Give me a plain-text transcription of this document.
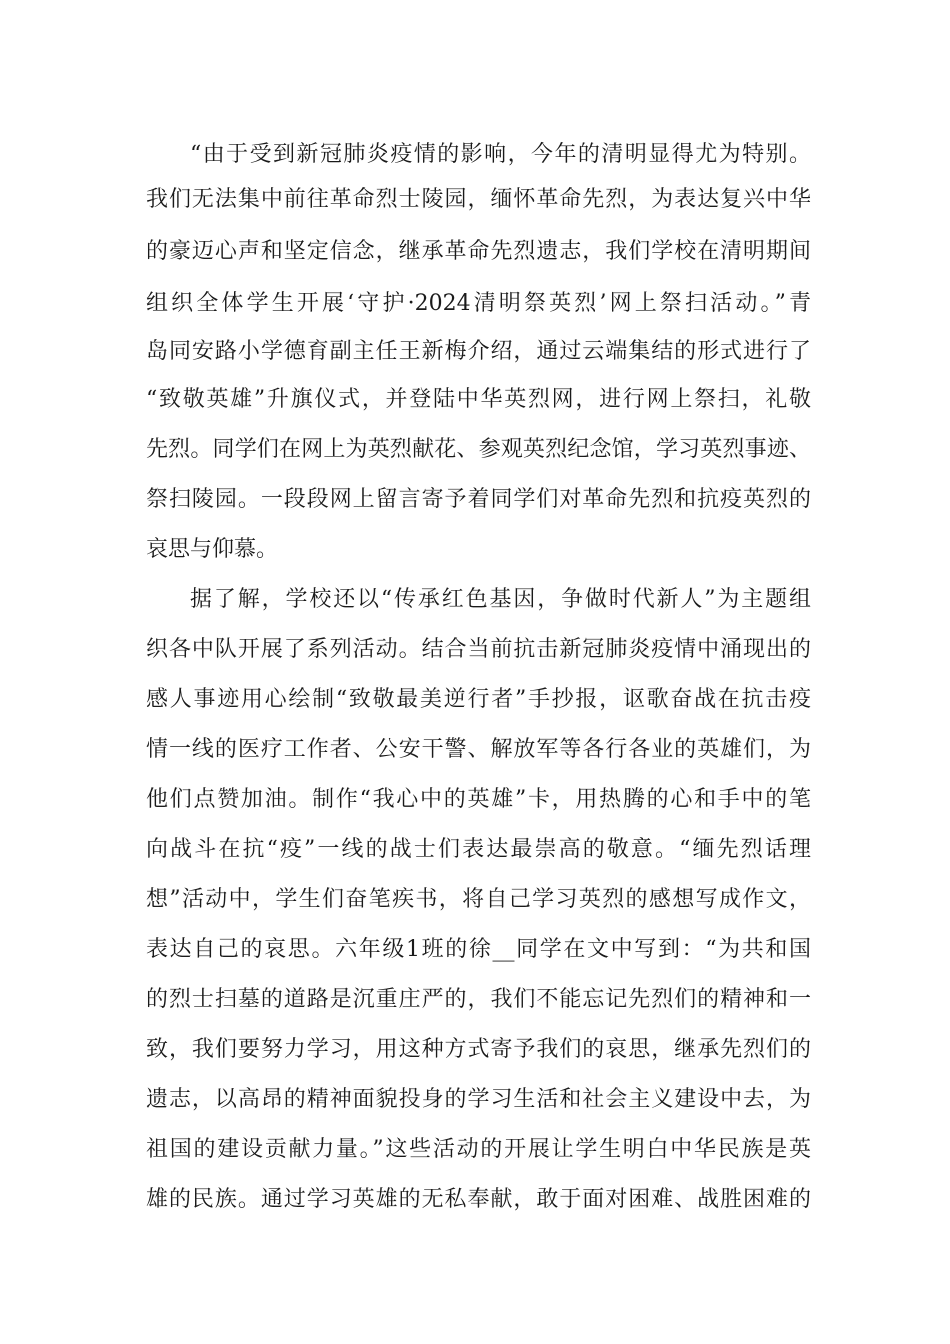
“由于受到新冠肺炎疫情的影响，今年的清明显得尤为特别。

我们无法集中前往革命烈士陵园，缅怀革命先烈，为表达复兴中华

的豪迈心声和坚定信念，继承革命先烈遗志，我们学校在清明期间

组织全体学生开展‘守护·2024清明祭英烈’网上祭扫活动。”青

岛同安路小学德育副主任王新梅介绍，通过云端集结的形式进行了

“致敬英雄”升旗仪式，并登陆中华英烈网，进行网上祭扫，礼敬

先烈。同学们在网上为英烈献花、参观英烈纪念馆，学习英烈事迹、

祭扫陵园。一段段网上留言寄予着同学们对革命先烈和抗疫英烈的

哀思与仰慕。

据了解，学校还以“传承红色基因，争做时代新人”为主题组

织各中队开展了系列活动。结合当前抗击新冠肺炎疫情中涌现出的

感人事迹用心绘制“致敬最美逆行者”手抄报，讴歌奋战在抗击疫

情一线的医疗工作者、公安干警、解放军等各行各业的英雄们，为

他们点赞加油。制作“我心中的英雄”卡，用热腾的心和手中的笔

向战斗在抗“疫”一线的战士们表达最崇高的敬意。“缅先烈话理

想”活动中，学生们奋笔疾书，将自己学习英烈的感想写成作文，

表达自己的哀思。六年级1班的徐__同学在文中写到：“为共和国

的烈士扫墓的道路是沉重庄严的，我们不能忘记先烈们的精神和一

致，我们要努力学习，用这种方式寄予我们的哀思，继承先烈们的

遗志，以高昂的精神面貌投身的学习生活和社会主义建设中去，为

祖国的建设贡献力量。”这些活动的开展让学生明白中华民族是英

雄的民族。通过学习英雄的无私奉献，敢于面对困难、战胜困难的
